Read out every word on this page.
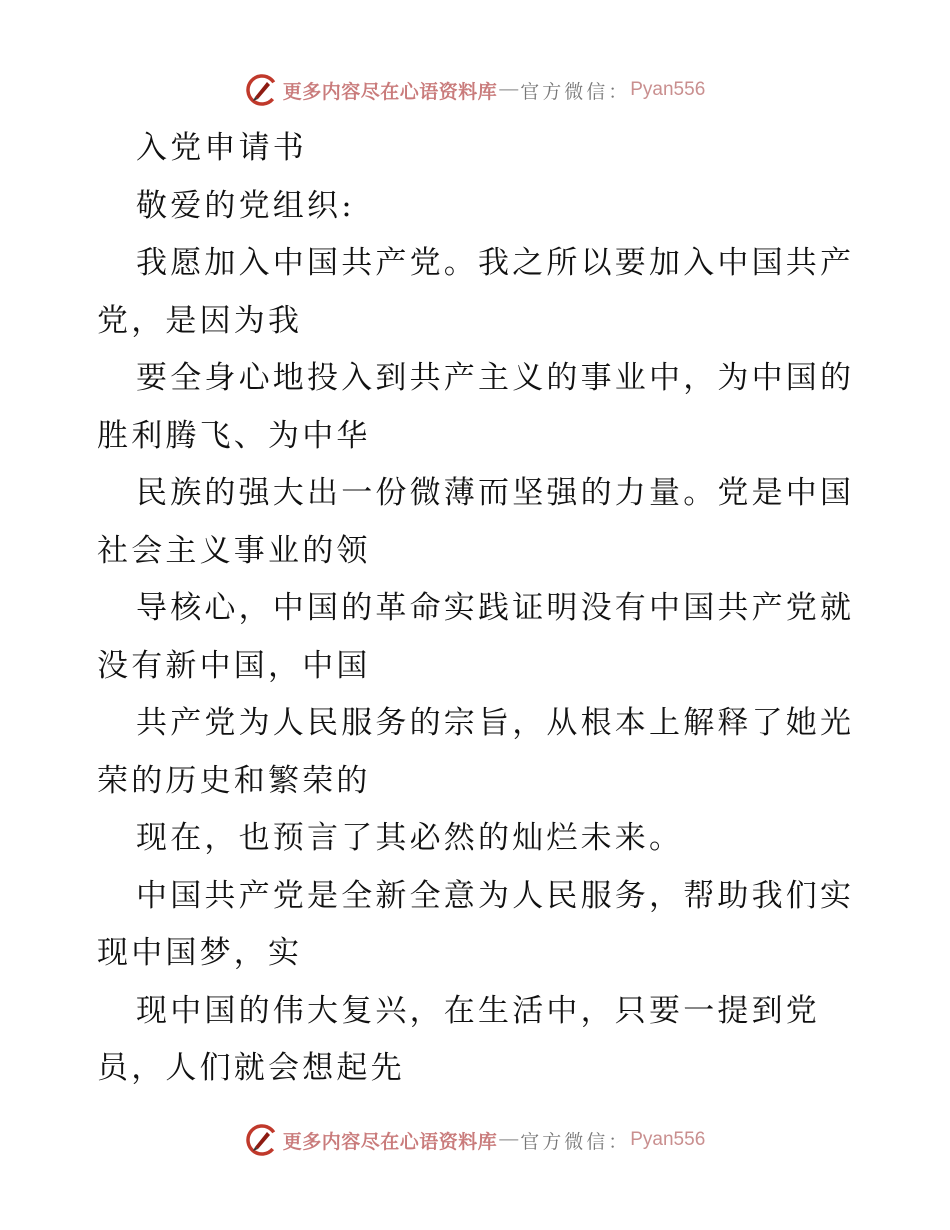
更多内容尽在心语资料库 — 官方微信： Pyan556
入党申请书
敬爱的党组织:
我愿加入中国共产党。我之所以要加入中国共产
党，是因为我
要全身心地投入到共产主义的事业中，为中国的
胜利腾飞、为中华
民族的强大出一份微薄而坚强的力量。党是中国
社会主义事业的领
导核心，中国的革命实践证明没有中国共产党就
没有新中国，中国
共产党为人民服务的宗旨，从根本上解释了她光
荣的历史和繁荣的
现在，也预言了其必然的灿烂未来。
中国共产党是全新全意为人民服务，帮助我们实
现中国梦，实
现中国的伟大复兴，在生活中，只要一提到党
员，人们就会想起先
更多内容尽在心语资料库 — 官方微信： Pyan556
